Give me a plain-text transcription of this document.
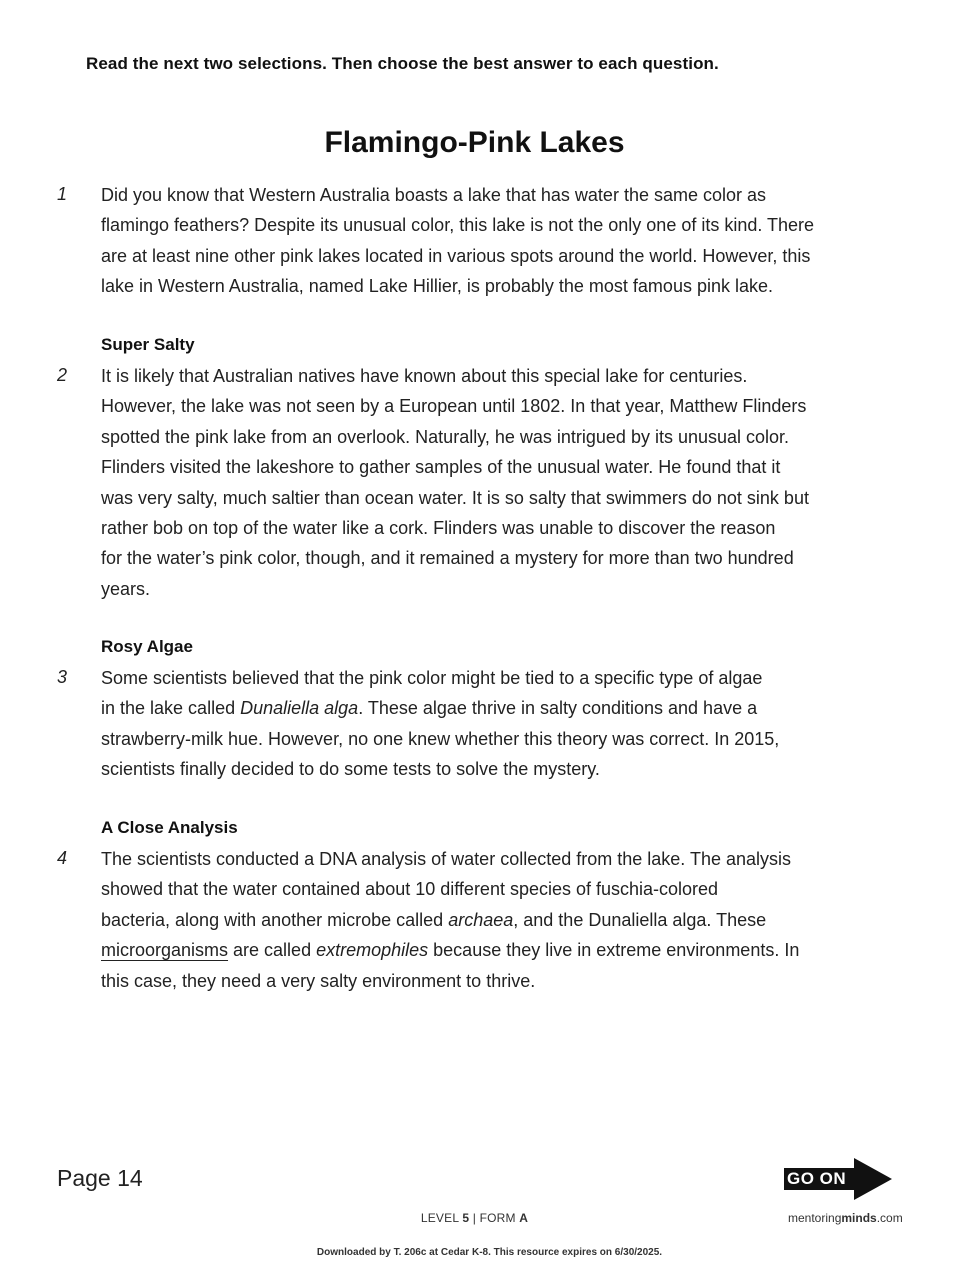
Read the next two selections. Then choose the best answer to each question.
Flamingo-Pink Lakes
1 Did you know that Western Australia boasts a lake that has water the same color as
flamingo feathers? Despite its unusual color, this lake is not the only one of its kind. There
are at least nine other pink lakes located in various spots around the world. However, this
lake in Western Australia, named Lake Hillier, is probably the most famous pink lake.
Super Salty
2 It is likely that Australian natives have known about this special lake for centuries.
However, the lake was not seen by a European until 1802. In that year, Matthew Flinders
spotted the pink lake from an overlook. Naturally, he was intrigued by its unusual color.
Flinders visited the lakeshore to gather samples of the unusual water. He found that it
was very salty, much saltier than ocean water. It is so salty that swimmers do not sink but
rather bob on top of the water like a cork. Flinders was unable to discover the reason
for the water’s pink color, though, and it remained a mystery for more than two hundred
years.
Rosy Algae
3 Some scientists believed that the pink color might be tied to a specific type of algae
in the lake called Dunaliella alga. These algae thrive in salty conditions and have a
strawberry-milk hue. However, no one knew whether this theory was correct. In 2015,
scientists finally decided to do some tests to solve the mystery.
A Close Analysis
4 The scientists conducted a DNA analysis of water collected from the lake. The analysis
showed that the water contained about 10 different species of fuschia-colored
bacteria, along with another microbe called archaea, and the Dunaliella alga. These
microorganisms are called extremophiles because they live in extreme environments. In
this case, they need a very salty environment to thrive.
Page 14	GO ON
LEVEL 5 | FORM A	mentoringminds.com
Downloaded by T. 206c at Cedar K-8. This resource expires on 6/30/2025.
